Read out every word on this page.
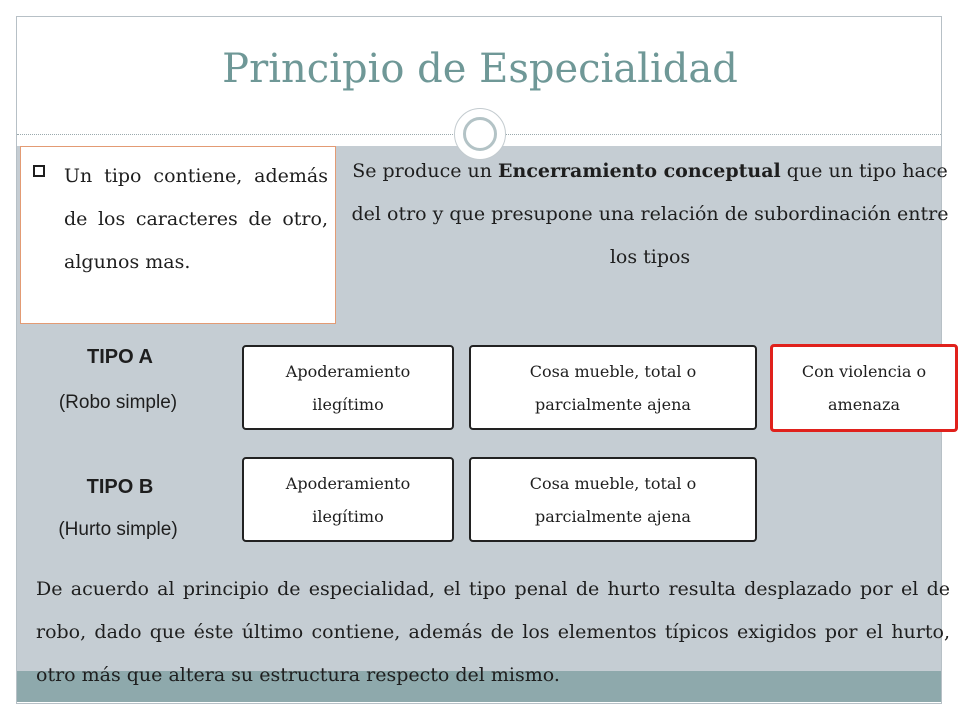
Principio de Especialidad
Un tipo contiene, además de los caracteres de otro, algunos mas.
Se produce un Encerramiento conceptual que un tipo hace del otro y que presupone una relación de subordinación entre los tipos
TIPO A
(Robo simple)
Apoderamiento ilegítimo
Cosa mueble, total o parcialmente ajena
Con violencia o amenaza
TIPO B
(Hurto simple)
Apoderamiento ilegítimo
Cosa mueble, total o parcialmente ajena
De acuerdo al principio de especialidad, el tipo penal de hurto resulta desplazado por el de robo, dado que éste último contiene, además de los elementos típicos exigidos por el hurto, otro más que altera su estructura respecto del mismo.
